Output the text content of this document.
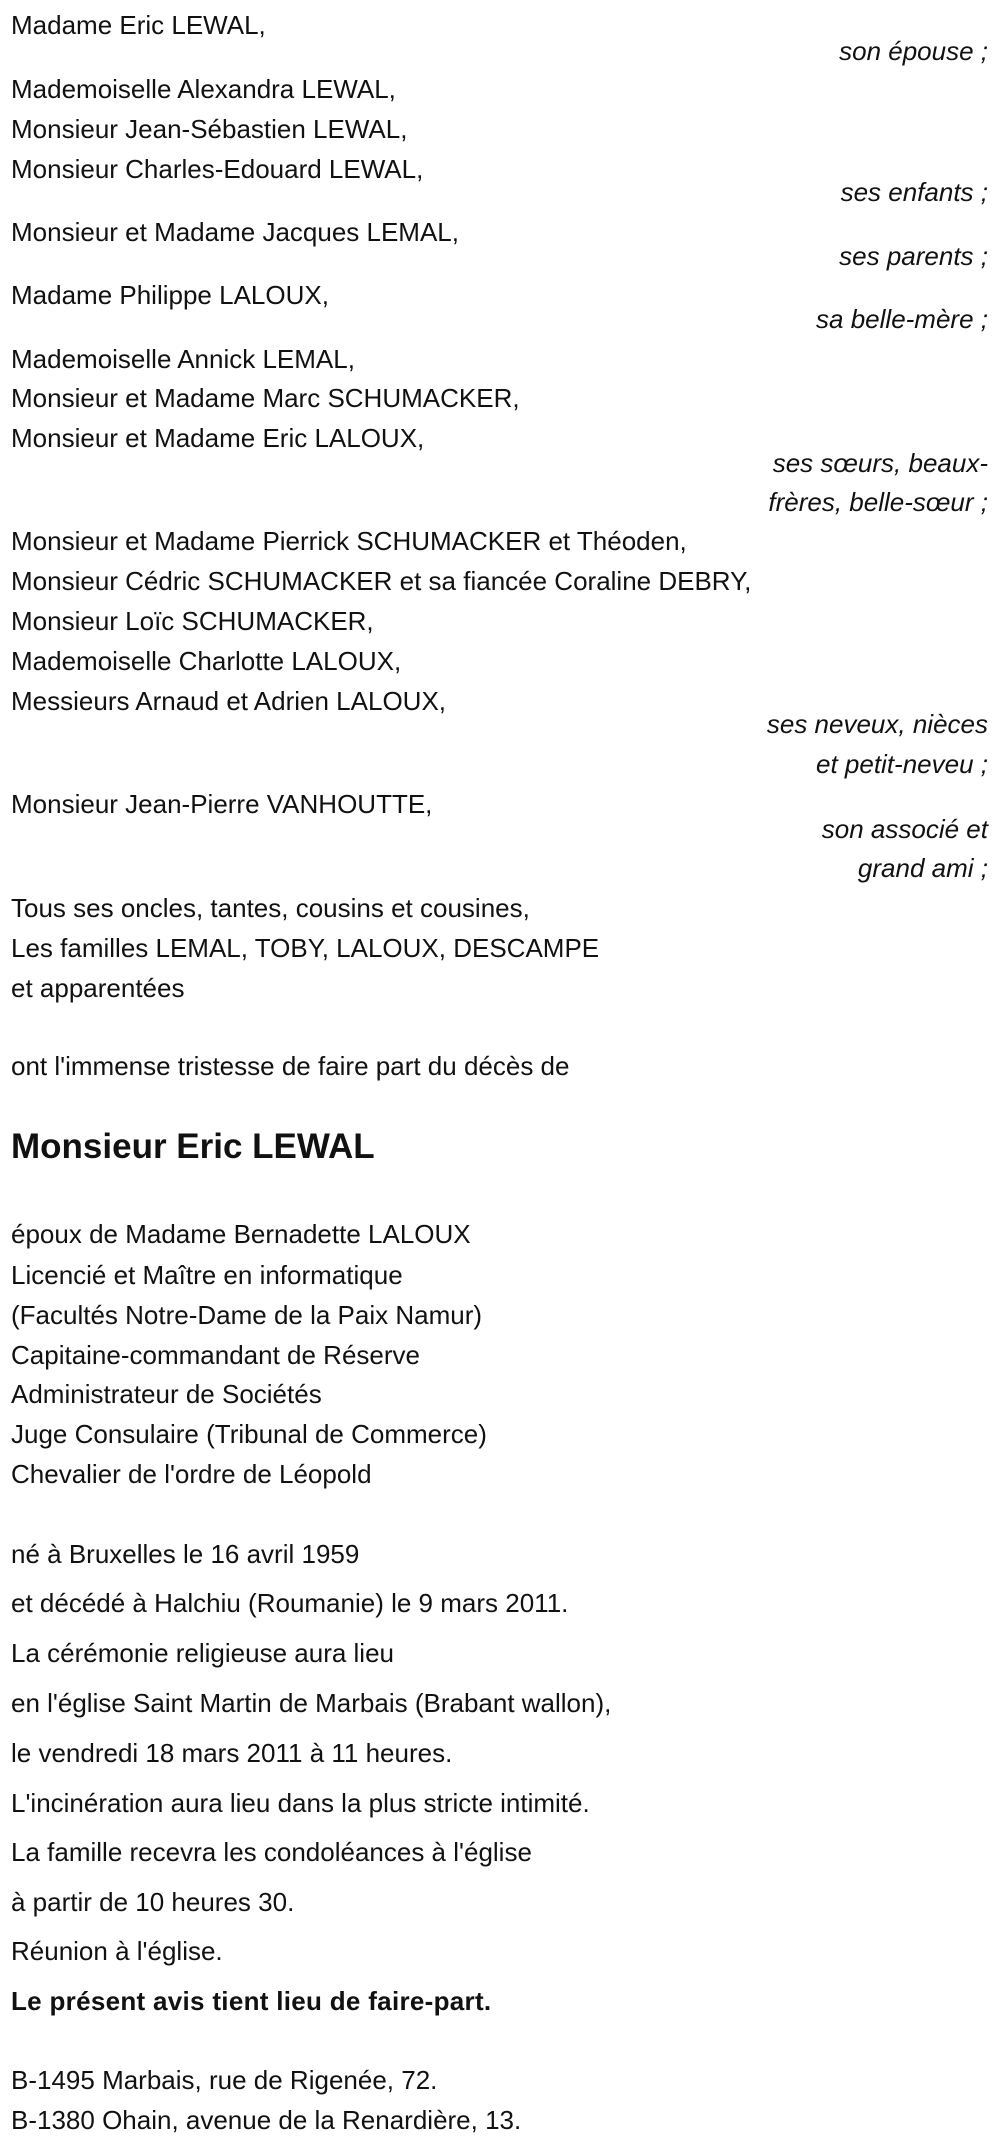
Madame Eric LEWAL,
son épouse ;
Mademoiselle Alexandra LEWAL,
Monsieur Jean-Sébastien LEWAL,
Monsieur Charles-Edouard LEWAL,
ses enfants ;
Monsieur et Madame Jacques LEMAL,
ses parents ;
Madame Philippe LALOUX,
sa belle-mère ;
Mademoiselle Annick LEMAL,
Monsieur et Madame Marc SCHUMACKER,
Monsieur et Madame Eric LALOUX,
ses sœurs, beaux-
frères, belle-sœur ;
Monsieur et Madame Pierrick SCHUMACKER et Théoden,
Monsieur Cédric SCHUMACKER et sa fiancée Coraline DEBRY,
Monsieur Loïc SCHUMACKER,
Mademoiselle Charlotte LALOUX,
Messieurs Arnaud et Adrien LALOUX,
ses neveux, nièces
et petit-neveu ;
Monsieur Jean-Pierre VANHOUTTE,
son associé et
grand ami ;
Tous ses oncles, tantes, cousins et cousines,
Les familles LEMAL, TOBY, LALOUX, DESCAMPE
et apparentées
ont l'immense tristesse de faire part du décès de
Monsieur Eric LEWAL
époux de Madame Bernadette LALOUX
Licencié et Maître en informatique
(Facultés Notre-Dame de la Paix Namur)
Capitaine-commandant de Réserve
Administrateur de Sociétés
Juge Consulaire (Tribunal de Commerce)
Chevalier de l'ordre de Léopold
né à Bruxelles le 16 avril 1959
et décédé à Halchiu (Roumanie) le 9 mars 2011.
La cérémonie religieuse aura lieu
en l'église Saint Martin de Marbais (Brabant wallon),
le vendredi 18 mars 2011 à 11 heures.
L'incinération aura lieu dans la plus stricte intimité.
La famille recevra les condoléances à l'église
à partir de 10 heures 30.
Réunion à l'église.
Le présent avis tient lieu de faire-part.
B-1495 Marbais, rue de Rigenée, 72.
B-1380 Ohain, avenue de la Renardière, 13.
